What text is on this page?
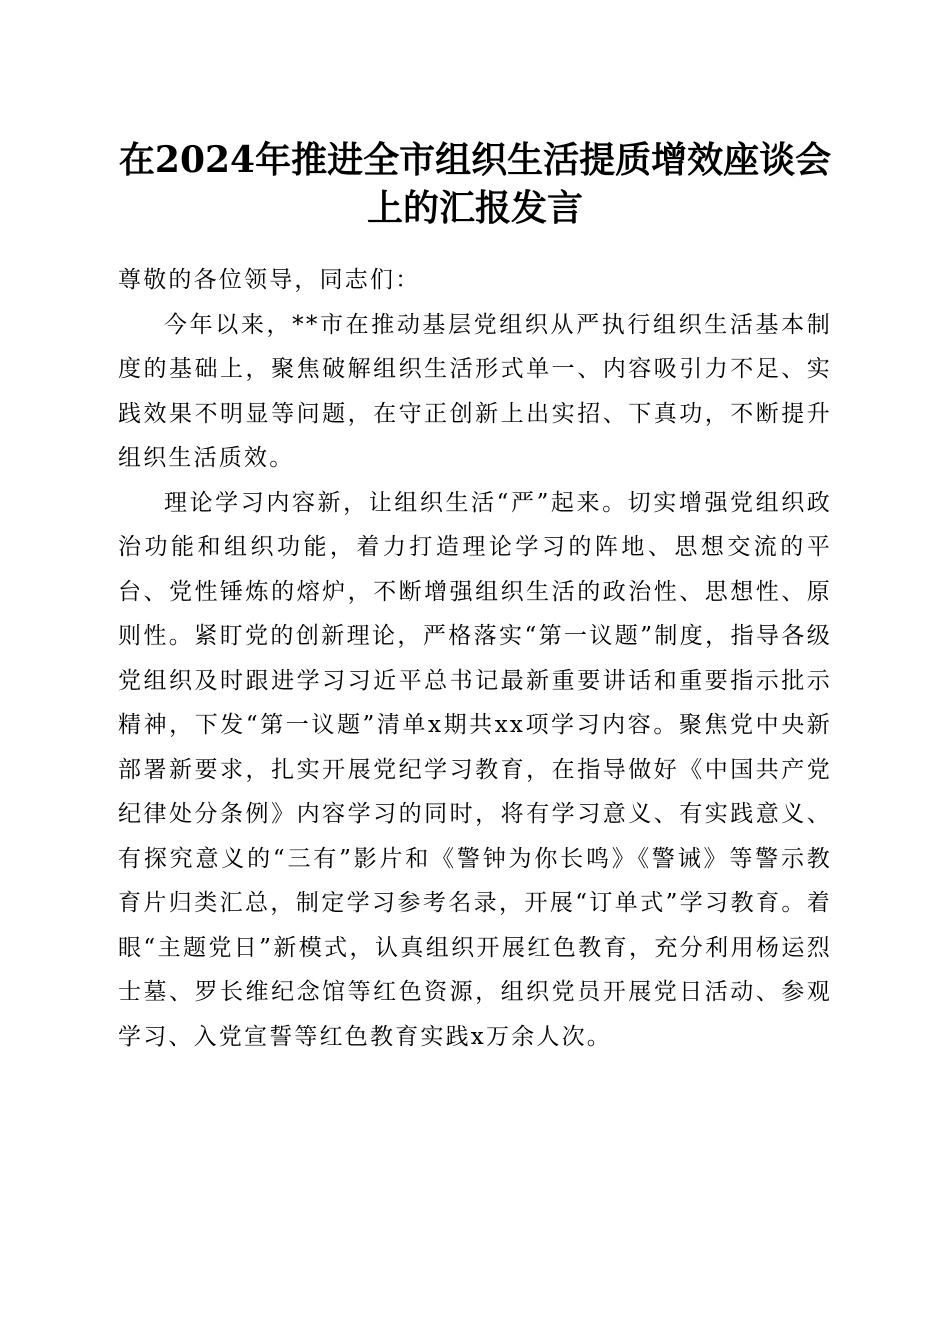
在2024年推进全市组织生活提质增效座谈会
上的汇报发言

尊敬的各位领导，同志们：

今年以来，**市在推动基层党组织从严执行组织生活基本制度的基础上，聚焦破解组织生活形式单一、内容吸引力不足、实践效果不明显等问题，在守正创新上出实招、下真功，不断提升组织生活质效。

理论学习内容新，让组织生活“严”起来。切实增强党组织政治功能和组织功能，着力打造理论学习的阵地、思想交流的平台、党性锤炼的熔炉，不断增强组织生活的政治性、思想性、原则性。紧盯党的创新理论，严格落实“第一议题”制度，指导各级党组织及时跟进学习习近平总书记最新重要讲话和重要指示批示精神，下发“第一议题”清单x期共xx项学习内容。聚焦党中央新部署新要求，扎实开展党纪学习教育，在指导做好《中国共产党纪律处分条例》内容学习的同时，将有学习意义、有实践意义、有探究意义的“三有”影片和《警钟为你长鸣》《警诫》等警示教育片归类汇总，制定学习参考名录，开展“订单式”学习教育。着眼“主题党日”新模式，认真组织开展红色教育，充分利用杨运烈士墓、罗长维纪念馆等红色资源，组织党员开展党日活动、参观学习、入党宣誓等红色教育实践x万余人次。
